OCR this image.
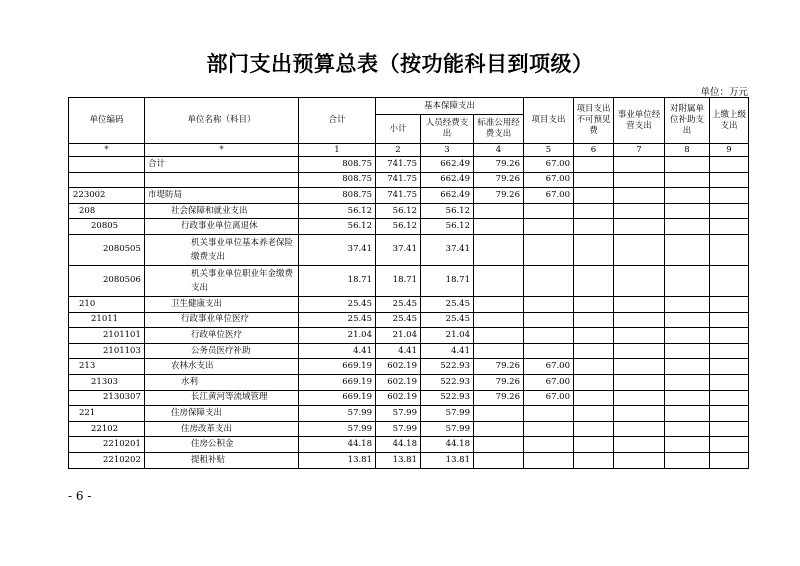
部门支出预算总表（按功能科目到项级）
单位：万元
单位编码	单位名称（科目）	合计	基本保障支出			项目支出	项目支出不可预见费	事业单位经营支出	对附属单位补助支出	上缴上级支出
			小计	人员经费支出	标准公用经费支出					
*	*	1	2	3	4	5	6	7	8	9
	合计	808.75	741.75	662.49	79.26	67.00				
		808.75	741.75	662.49	79.26	67.00				
223002	市堤防局	808.75	741.75	662.49	79.26	67.00				
208	社会保障和就业支出	56.12	56.12	56.12						
20805	行政事业单位离退休	56.12	56.12	56.12						
2080505	机关事业单位基本养老保险缴费支出	37.41	37.41	37.41						
2080506	机关事业单位职业年金缴费支出	18.71	18.71	18.71						
210	卫生健康支出	25.45	25.45	25.45						
21011	行政事业单位医疗	25.45	25.45	25.45						
2101101	行政单位医疗	21.04	21.04	21.04						
2101103	公务员医疗补助	4.41	4.41	4.41						
213	农林水支出	669.19	602.19	522.93	79.26	67.00				
21303	水利	669.19	602.19	522.93	79.26	67.00				
2130307	长江黄河等流域管理	669.19	602.19	522.93	79.26	67.00				
221	住房保障支出	57.99	57.99	57.99						
22102	住房改革支出	57.99	57.99	57.99						
2210201	住房公积金	44.18	44.18	44.18						
2210202	提租补贴	13.81	13.81	13.81						
- 6 -
